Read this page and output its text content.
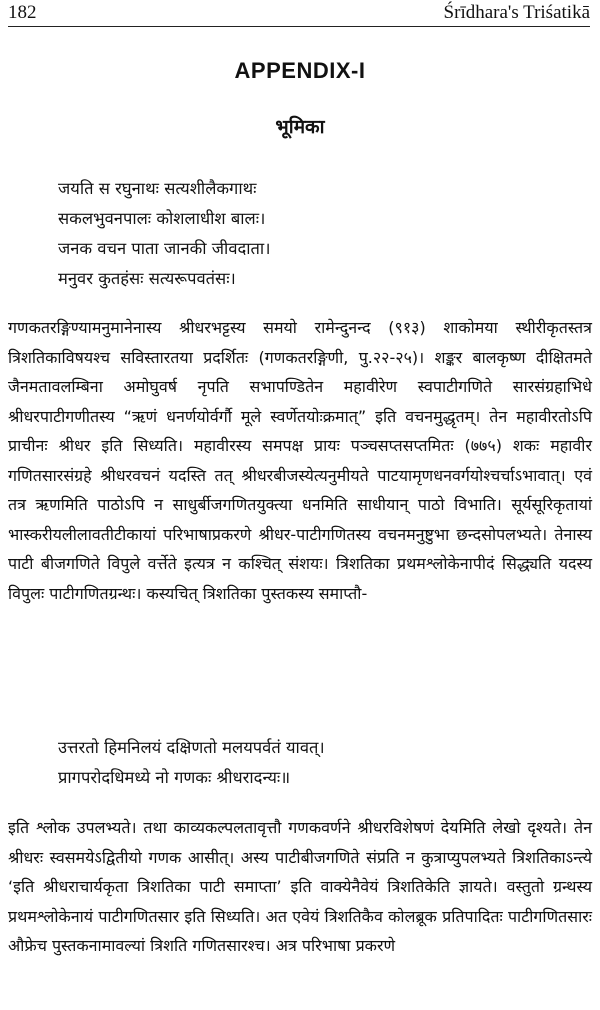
182	Śrīdhara's Triśatikā
APPENDIX-I
भूमिका
जयति स रघुनाथः सत्यशीलैकगाथः
सकलभुवनपालः कोशलाधीश बालः।
जनक वचन पाता जानकी जीवदाता।
मनुवर कुतहंसः सत्यरूपवतंसः।

गणकतरङ्गिण्यामनुमानेनास्य श्रीधरभट्टस्य समयो रामेन्दुनन्द (९१३) शाकोमया स्थीरीकृतस्तत्र त्रिशतिकाविषयश्च सविस्तारतया प्रदर्शितः (गणकतरङ्गिणी, पु.२२-२५)। शङ्कर बालकृष्ण दीक्षितमते जैनमतावलम्बिना अमोघुवर्ष नृपति सभापण्डितेन महावीरेण स्वपाटीगणिते सारसंग्रहाभिधे श्रीधरपाटीगणीतस्य “ऋणं धनर्णयोर्वर्गौ मूले स्वर्णेतयोःक्रमात्” इति वचनमुद्धृतम्। तेन महावीरतोऽपि प्राचीनः श्रीधर इति सिध्यति। महावीरस्य समपक्ष प्रायः पञ्चसप्तसप्तमितः (७७५) शकः महावीर गणितसारसंग्रहे श्रीधरवचनं यदस्ति तत् श्रीधरबीजस्येत्यनुमीयते पाटयामृणधनवर्गयोश्चर्चाऽभावात्। एवं तत्र ऋणमिति पाठोऽपि न साधुर्बीजगणितयुक्त्या धनमिति साधीयान् पाठो विभाति। सूर्यसूरिकृतायां भास्करीयलीलावतीटीकायां परिभाषाप्रकरणे श्रीधर-पाटीगणितस्य वचनमनुष्टुभा छन्दसोपलभ्यते। तेनास्य पाटी बीजगणिते विपुले वर्त्तेते इत्यत्र न कश्चित् संशयः। त्रिशतिका प्रथमश्लोकेनापीदं सिद्ध्यति यदस्य विपुलः पाटीगणितग्रन्थः। कस्यचित् त्रिशतिका पुस्तकस्य समाप्तौ-

उत्तरतो हिमनिलयं दक्षिणतो मलयपर्वतं यावत्।
प्रागपरोदधिमध्ये नो गणकः श्रीधरादन्यः॥

इति श्लोक उपलभ्यते। तथा काव्यकल्पलतावृत्तौ गणकवर्णने श्रीधरविशेषणं देयमिति लेखो दृश्यते। तेन श्रीधरः स्वसमयेऽद्वितीयो गणक आसीत्। अस्य पाटीबीजगणिते संप्रति न कुत्राप्युपलभ्यते त्रिशतिकाऽन्त्ये ‘इति श्रीधराचार्यकृता त्रिशतिका पाटी समाप्ता’ इति वाक्येनैवेयं त्रिशतिकेति ज्ञायते। वस्तुतो ग्रन्थस्य प्रथमश्लोकेनायं पाटीगणितसार इति सिध्यति। अत एवेयं त्रिशतिकैव कोलब्रूक प्रतिपादितः पाटीगणितसारः औफ्रेच पुस्तकनामावल्यां त्रिशति गणितसारश्च। अत्र परिभाषा प्रकरणे
